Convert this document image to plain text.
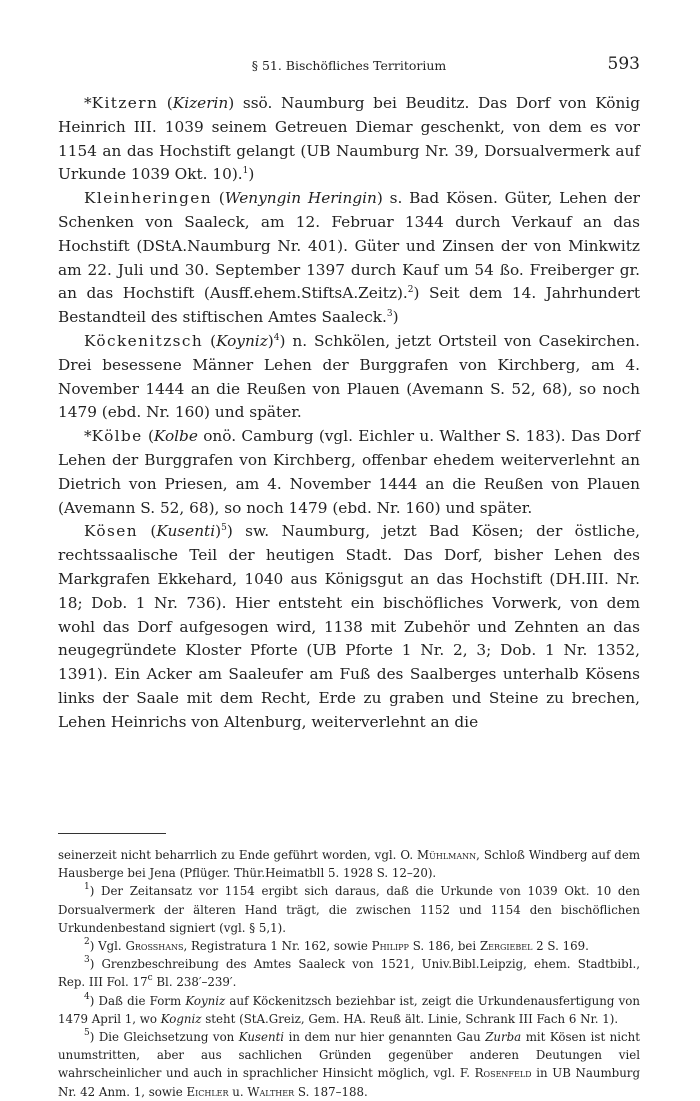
§ 51. Bischöfliches Territorium	593

*Kitzern (Kizerin) ssö. Naumburg bei Beuditz. Das Dorf von König Heinrich III. 1039 seinem Getreuen Diemar geschenkt, von dem es vor 1154 an das Hochstift gelangt (UB Naumburg Nr. 39, Dorsualvermerk auf Urkunde 1039 Okt. 10).$^1$)

Kleinheringen (Wenyngin Heringin) s. Bad Kösen. Güter, Lehen der Schenken von Saaleck, am 12. Februar 1344 durch Verkauf an das Hochstift (DStA.Naumburg Nr. 401). Güter und Zinsen der von Minkwitz am 22. Juli und 30. September 1397 durch Kauf um 54 ßo. Freiberger gr. an das Hochstift (Ausff.ehem.StiftsA.Zeitz).$^2$) Seit dem 14. Jahrhundert Bestandteil des stiftischen Amtes Saaleck.$^3$)

Köckenitzsch (Koyniz)$^4$) n. Schkölen, jetzt Ortsteil von Casekirchen. Drei besessene Männer Lehen der Burggrafen von Kirchberg, am 4. November 1444 an die Reußen von Plauen (Avemann S. 52, 68), so noch 1479 (ebd. Nr. 160) und später.

*Kölbe (Kolbe onö. Camburg (vgl. Eichler u. Walther S. 183). Das Dorf Lehen der Burggrafen von Kirchberg, offenbar ehedem weiterverlehnt an Dietrich von Priesen, am 4. November 1444 an die Reußen von Plauen (Avemann S. 52, 68), so noch 1479 (ebd. Nr. 160) und später.

Kösen (Kusenti)$^5$) sw. Naumburg, jetzt Bad Kösen; der östliche, rechtssaalische Teil der heutigen Stadt. Das Dorf, bisher Lehen des Markgrafen Ekkehard, 1040 aus Königsgut an das Hochstift (DH.III. Nr. 18; Dob. 1 Nr. 736). Hier entsteht ein bischöfliches Vorwerk, von dem wohl das Dorf aufgesogen wird, 1138 mit Zubehör und Zehnten an das neugegründete Kloster Pforte (UB Pforte 1 Nr. 2, 3; Dob. 1 Nr. 1352, 1391). Ein Acker am Saaleufer am Fuß des Saalberges unterhalb Kösens links der Saale mit dem Recht, Erde zu graben und Steine zu brechen, Lehen Heinrichs von Altenburg, weiterverlehnt an die

seinerzeit nicht beharrlich zu Ende geführt worden, vgl. O. Mühlmann, Schloß Windberg auf dem Hausberge bei Jena (Pflüger. Thür.Heimatbll 5. 1928 S. 12–20).

$^1$) Der Zeitansatz vor 1154 ergibt sich daraus, daß die Urkunde von 1039 Okt. 10 den Dorsualvermerk der älteren Hand trägt, die zwischen 1152 und 1154 den bischöflichen Urkundenbestand signiert (vgl. § 5,1).

$^2$) Vgl. Grosshans, Registratura 1 Nr. 162, sowie Philipp S. 186, bei Zergiebel 2 S. 169.

$^3$) Grenzbeschreibung des Amtes Saaleck von 1521, Univ.Bibl.Leipzig, ehem. Stadtbibl., Rep. III Fol. 17$^c$ Bl. 238′–239′.

$^4$) Daß die Form Koyniz auf Köckenitzsch beziehbar ist, zeigt die Urkundenausfertigung von 1479 April 1, wo Kogniz steht (StA.Greiz, Gem. HA. Reuß ält. Linie, Schrank III Fach 6 Nr. 1).

$^5$) Die Gleichsetzung von Kusenti in dem nur hier genannten Gau Zurba mit Kösen ist nicht unumstritten, aber aus sachlichen Gründen gegenüber anderen Deutungen viel wahrscheinlicher und auch in sprachlicher Hinsicht möglich, vgl. F. Rosenfeld in UB Naumburg Nr. 42 Anm. 1, sowie Eichler u. Walther S. 187–188.
